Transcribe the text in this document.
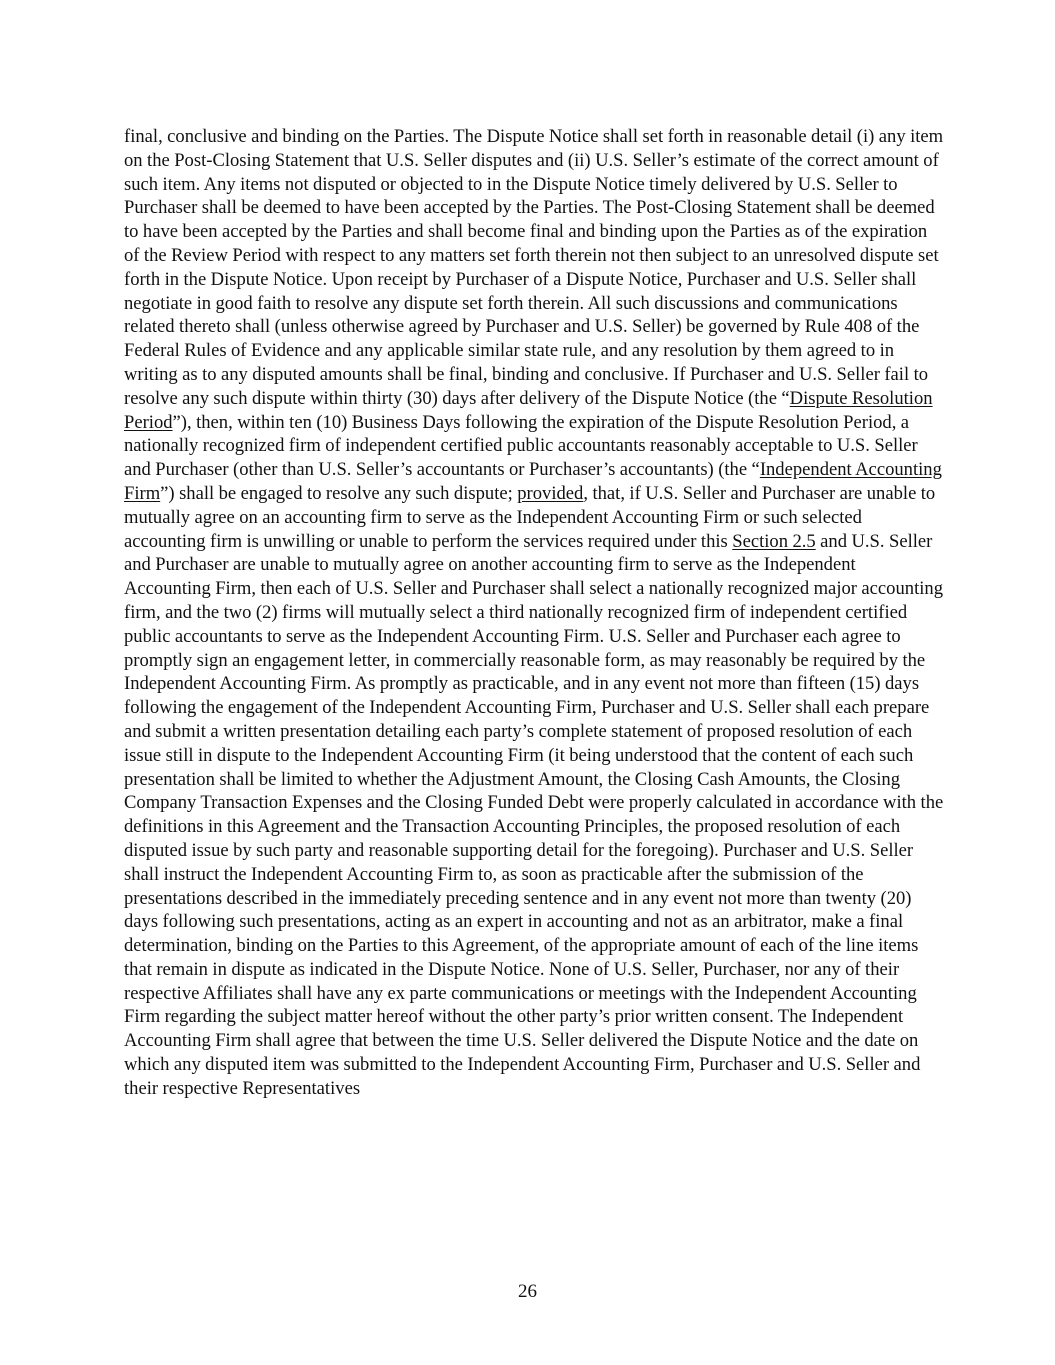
final, conclusive and binding on the Parties. The Dispute Notice shall set forth in reasonable detail (i) any item on the Post-Closing Statement that U.S. Seller disputes and (ii) U.S. Seller’s estimate of the correct amount of such item. Any items not disputed or objected to in the Dispute Notice timely delivered by U.S. Seller to Purchaser shall be deemed to have been accepted by the Parties. The Post-Closing Statement shall be deemed to have been accepted by the Parties and shall become final and binding upon the Parties as of the expiration of the Review Period with respect to any matters set forth therein not then subject to an unresolved dispute set forth in the Dispute Notice. Upon receipt by Purchaser of a Dispute Notice, Purchaser and U.S. Seller shall negotiate in good faith to resolve any dispute set forth therein. All such discussions and communications related thereto shall (unless otherwise agreed by Purchaser and U.S. Seller) be governed by Rule 408 of the Federal Rules of Evidence and any applicable similar state rule, and any resolution by them agreed to in writing as to any disputed amounts shall be final, binding and conclusive. If Purchaser and U.S. Seller fail to resolve any such dispute within thirty (30) days after delivery of the Dispute Notice (the “Dispute Resolution Period”), then, within ten (10) Business Days following the expiration of the Dispute Resolution Period, a nationally recognized firm of independent certified public accountants reasonably acceptable to U.S. Seller and Purchaser (other than U.S. Seller’s accountants or Purchaser’s accountants) (the “Independent Accounting Firm”) shall be engaged to resolve any such dispute; provided, that, if U.S. Seller and Purchaser are unable to mutually agree on an accounting firm to serve as the Independent Accounting Firm or such selected accounting firm is unwilling or unable to perform the services required under this Section 2.5 and U.S. Seller and Purchaser are unable to mutually agree on another accounting firm to serve as the Independent Accounting Firm, then each of U.S. Seller and Purchaser shall select a nationally recognized major accounting firm, and the two (2) firms will mutually select a third nationally recognized firm of independent certified public accountants to serve as the Independent Accounting Firm. U.S. Seller and Purchaser each agree to promptly sign an engagement letter, in commercially reasonable form, as may reasonably be required by the Independent Accounting Firm. As promptly as practicable, and in any event not more than fifteen (15) days following the engagement of the Independent Accounting Firm, Purchaser and U.S. Seller shall each prepare and submit a written presentation detailing each party’s complete statement of proposed resolution of each issue still in dispute to the Independent Accounting Firm (it being understood that the content of each such presentation shall be limited to whether the Adjustment Amount, the Closing Cash Amounts, the Closing Company Transaction Expenses and the Closing Funded Debt were properly calculated in accordance with the definitions in this Agreement and the Transaction Accounting Principles, the proposed resolution of each disputed issue by such party and reasonable supporting detail for the foregoing). Purchaser and U.S. Seller shall instruct the Independent Accounting Firm to, as soon as practicable after the submission of the presentations described in the immediately preceding sentence and in any event not more than twenty (20) days following such presentations, acting as an expert in accounting and not as an arbitrator, make a final determination, binding on the Parties to this Agreement, of the appropriate amount of each of the line items that remain in dispute as indicated in the Dispute Notice. None of U.S. Seller, Purchaser, nor any of their respective Affiliates shall have any ex parte communications or meetings with the Independent Accounting Firm regarding the subject matter hereof without the other party’s prior written consent. The Independent Accounting Firm shall agree that between the time U.S. Seller delivered the Dispute Notice and the date on which any disputed item was submitted to the Independent Accounting Firm, Purchaser and U.S. Seller and their respective Representatives

26
